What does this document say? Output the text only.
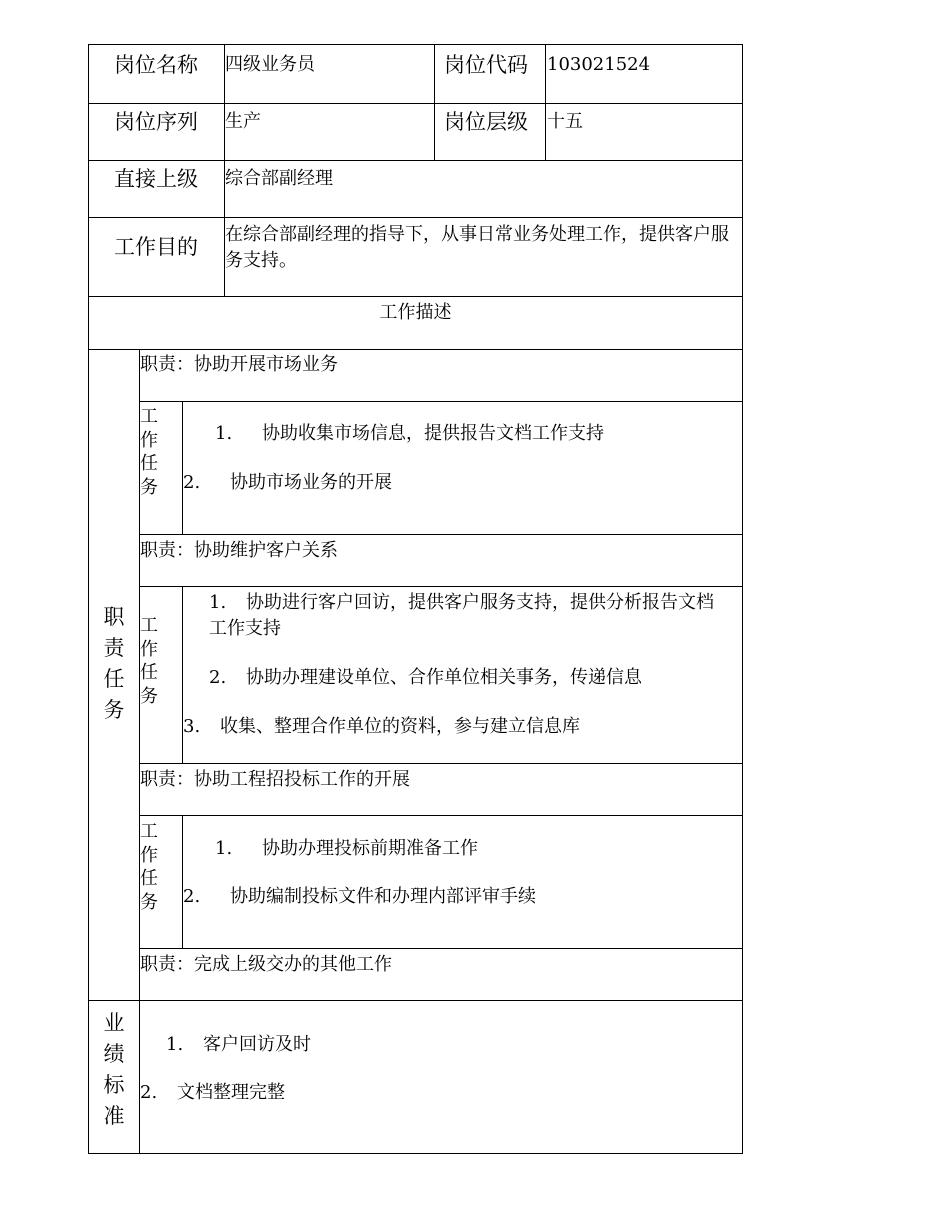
岗位名称 四级业务员	岗位代码 103021524
岗位序列 生产	岗位层级 十五
直接上级 综合部副经理
工作目的
在综合部副经理的指导下，从事日常业务处理工作，提供客户服务支持。
工作描述
职
责
任
务
职责：协助开展市场业务
工
作
任
务
1. 协助收集市场信息，提供报告文档工作支持
2. 协助市场业务的开展
职责：协助维护客户关系
工
作
任
务
1. 协助进行客户回访，提供客户服务支持，提供分析报告文档
工作支持
2. 协助办理建设单位、合作单位相关事务，传递信息
3. 收集、整理合作单位的资料，参与建立信息库
职责：协助工程招投标工作的开展
工
作
任
务
1. 协助办理投标前期准备工作
2. 协助编制投标文件和办理内部评审手续
职责：完成上级交办的其他工作
业
绩
标
准
1. 客户回访及时
2. 文档整理完整
